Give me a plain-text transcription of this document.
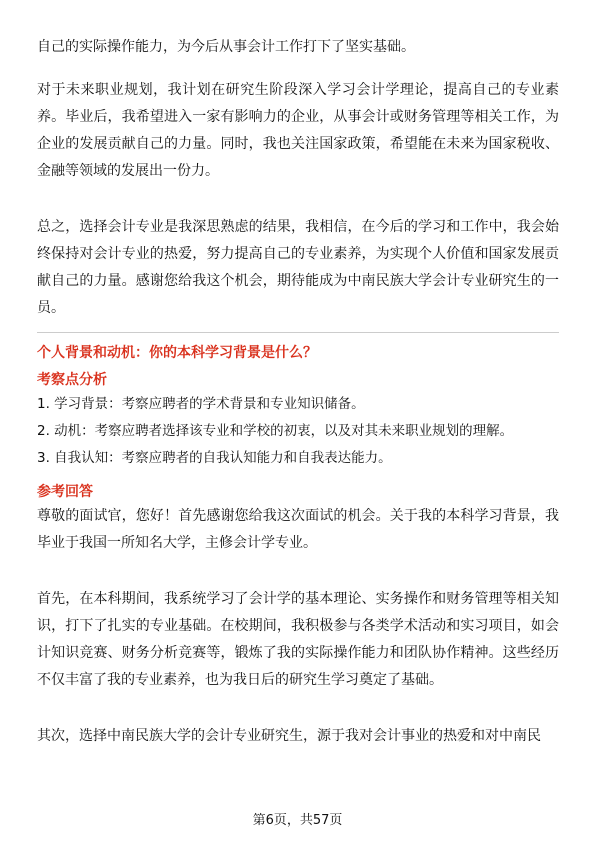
自己的实际操作能力，为今后从事会计工作打下了坚实基础。

对于未来职业规划，我计划在研究生阶段深入学习会计学理论，提高自己的专业素养。毕业后，我希望进入一家有影响力的企业，从事会计或财务管理等相关工作，为企业的发展贡献自己的力量。同时，我也关注国家政策，希望能在未来为国家税收、金融等领域的发展出一份力。

总之，选择会计专业是我深思熟虑的结果，我相信，在今后的学习和工作中，我会始终保持对会计专业的热爱，努力提高自己的专业素养，为实现个人价值和国家发展贡献自己的力量。感谢您给我这个机会，期待能成为中南民族大学会计专业研究生的一员。

个人背景和动机：你的本科学习背景是什么？

考察点分析

1. 学习背景：考察应聘者的学术背景和专业知识储备。

2. 动机：考察应聘者选择该专业和学校的初衷，以及对其未来职业规划的理解。

3. 自我认知：考察应聘者的自我认知能力和自我表达能力。

参考回答

尊敬的面试官，您好！首先感谢您给我这次面试的机会。关于我的本科学习背景，我毕业于我国一所知名大学，主修会计学专业。

首先，在本科期间，我系统学习了会计学的基本理论、实务操作和财务管理等相关知识，打下了扎实的专业基础。在校期间，我积极参与各类学术活动和实习项目，如会计知识竞赛、财务分析竞赛等，锻炼了我的实际操作能力和团队协作精神。这些经历不仅丰富了我的专业素养，也为我日后的研究生学习奠定了基础。

其次，选择中南民族大学的会计专业研究生，源于我对会计事业的热爱和对中南民

第6页，共57页
